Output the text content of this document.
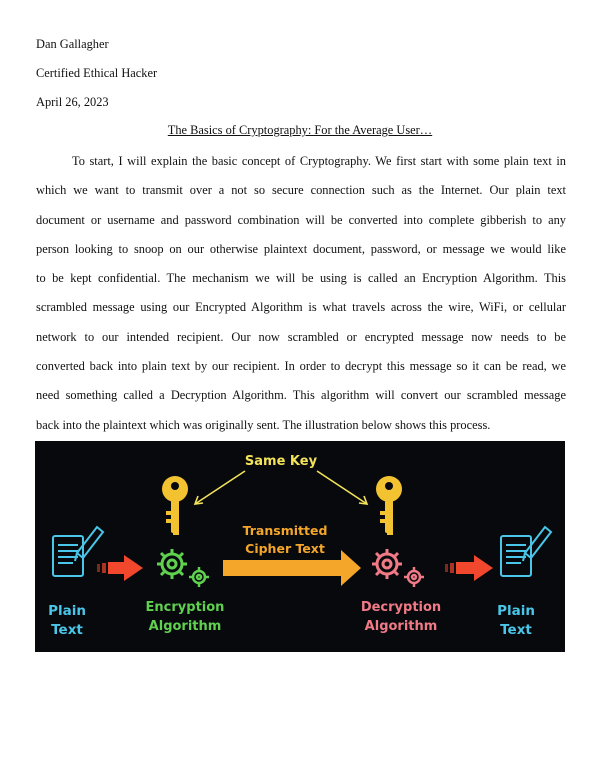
Dan Gallagher
Certified Ethical Hacker
April 26, 2023
The Basics of Cryptography: For the Average User…
To start, I will explain the basic concept of Cryptography. We first start with some plain text in
which we want to transmit over a not so secure connection such as the Internet. Our plain text
document or username and password combination will be converted into complete gibberish to any
person looking to snoop on our otherwise plaintext document, password, or message we would like
to be kept confidential. The mechanism we will be using is called an Encryption Algorithm. This
scrambled message using our Encrypted Algorithm is what travels across the wire, WiFi, or cellular
network to our intended recipient. Our now scrambled or encrypted message now needs to be
converted back into plain text by our recipient. In order to decrypt this message so it can be read, we
need something called a Decryption Algorithm. This algorithm will convert our scrambled message
back into the plaintext which was originally sent. The illustration below shows this process.
Same Key
Transmitted
Cipher Text
Plain
Text
Encryption
Algorithm
Decryption
Algorithm
Plain
Text
